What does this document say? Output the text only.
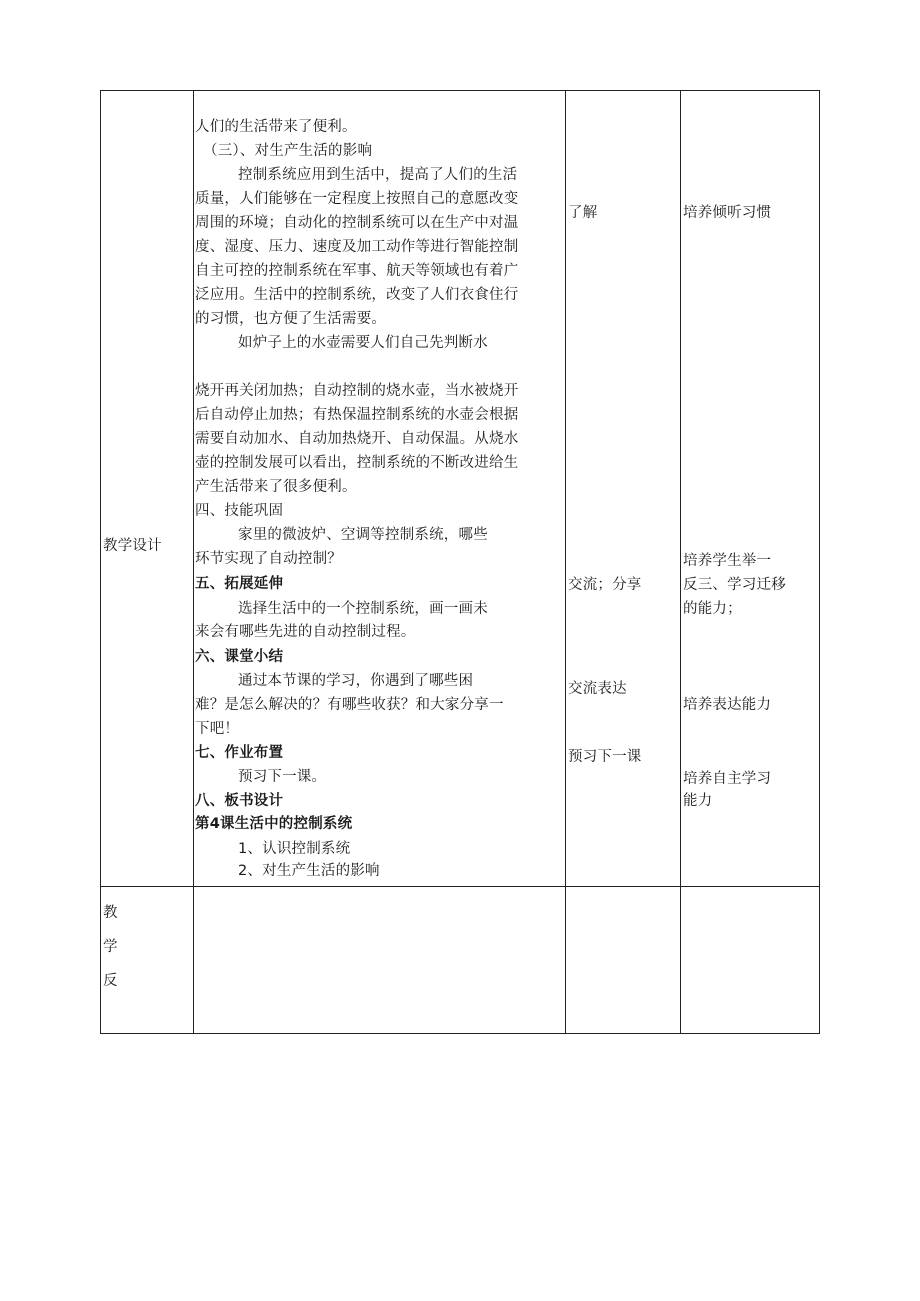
教学设计
人们的生活带来了便利。
（三）、对生产生活的影响
控制系统应用到生活中，提高了人们的生活
质量，人们能够在一定程度上按照自己的意愿改变
周围的环境；自动化的控制系统可以在生产中对温
度、湿度、压力、速度及加工动作等进行智能控制
自主可控的控制系统在军事、航天等领域也有着广
泛应用。生活中的控制系统，改变了人们衣食住行
的习惯，也方便了生活需要。
如炉子上的水壶需要人们自己先判断水
烧开再关闭加热；自动控制的烧水壶，当水被烧开
后自动停止加热；有热保温控制系统的水壶会根据
需要自动加水、自动加热烧开、自动保温。从烧水
壶的控制发展可以看出，控制系统的不断改进给生
产生活带来了很多便利。
四、技能巩固
家里的微波炉、空调等控制系统，哪些
环节实现了自动控制？
五、拓展延伸
选择生活中的一个控制系统，画一画未
来会有哪些先进的自动控制过程。
六、课堂小结
通过本节课的学习，你遇到了哪些困
难？是怎么解决的？有哪些收获？和大家分享一
下吧！
七、作业布置
预习下一课。
八、板书设计
第4课生活中的控制系统
1、认识控制系统
2、对生产生活的影响
了解
交流；分享
交流表达
预习下一课
培养倾听习惯
培养学生举一
反三、学习迁移
的能力；
培养表达能力
培养自主学习
能力
教
学
反
